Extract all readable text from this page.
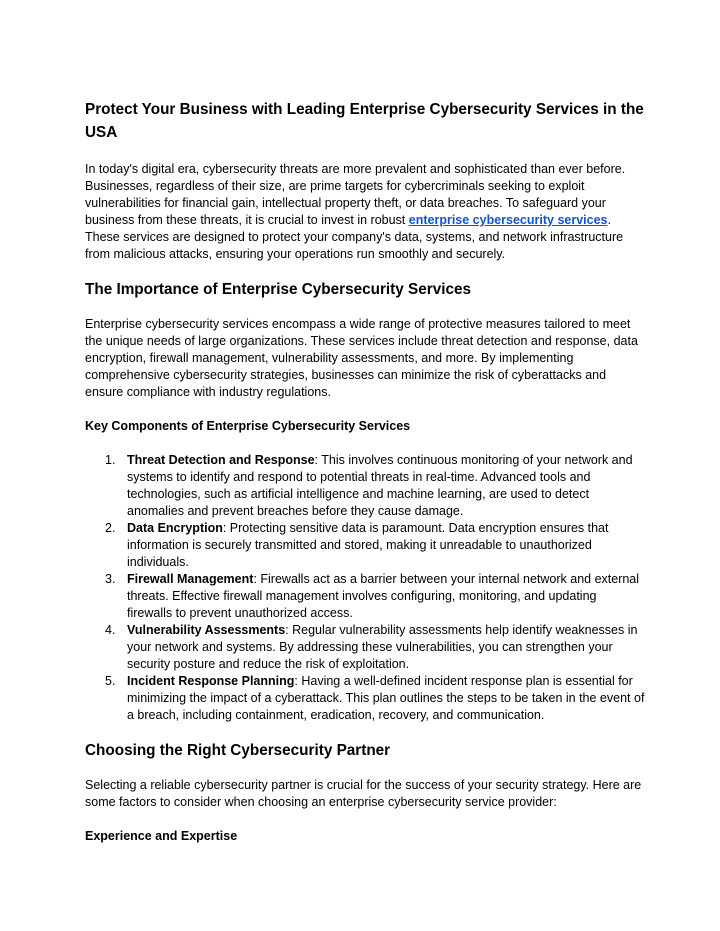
Protect Your Business with Leading Enterprise Cybersecurity Services in the USA

In today's digital era, cybersecurity threats are more prevalent and sophisticated than ever before. Businesses, regardless of their size, are prime targets for cybercriminals seeking to exploit vulnerabilities for financial gain, intellectual property theft, or data breaches. To safeguard your business from these threats, it is crucial to invest in robust enterprise cybersecurity services. These services are designed to protect your company's data, systems, and network infrastructure from malicious attacks, ensuring your operations run smoothly and securely.

The Importance of Enterprise Cybersecurity Services

Enterprise cybersecurity services encompass a wide range of protective measures tailored to meet the unique needs of large organizations. These services include threat detection and response, data encryption, firewall management, vulnerability assessments, and more. By implementing comprehensive cybersecurity strategies, businesses can minimize the risk of cyberattacks and ensure compliance with industry regulations.

Key Components of Enterprise Cybersecurity Services
1. Threat Detection and Response: This involves continuous monitoring of your network and systems to identify and respond to potential threats in real-time. Advanced tools and technologies, such as artificial intelligence and machine learning, are used to detect anomalies and prevent breaches before they cause damage.
2. Data Encryption: Protecting sensitive data is paramount. Data encryption ensures that information is securely transmitted and stored, making it unreadable to unauthorized individuals.
3. Firewall Management: Firewalls act as a barrier between your internal network and external threats. Effective firewall management involves configuring, monitoring, and updating firewalls to prevent unauthorized access.
4. Vulnerability Assessments: Regular vulnerability assessments help identify weaknesses in your network and systems. By addressing these vulnerabilities, you can strengthen your security posture and reduce the risk of exploitation.
5. Incident Response Planning: Having a well-defined incident response plan is essential for minimizing the impact of a cyberattack. This plan outlines the steps to be taken in the event of a breach, including containment, eradication, recovery, and communication.
Choosing the Right Cybersecurity Partner

Selecting a reliable cybersecurity partner is crucial for the success of your security strategy. Here are some factors to consider when choosing an enterprise cybersecurity service provider:

Experience and Expertise
